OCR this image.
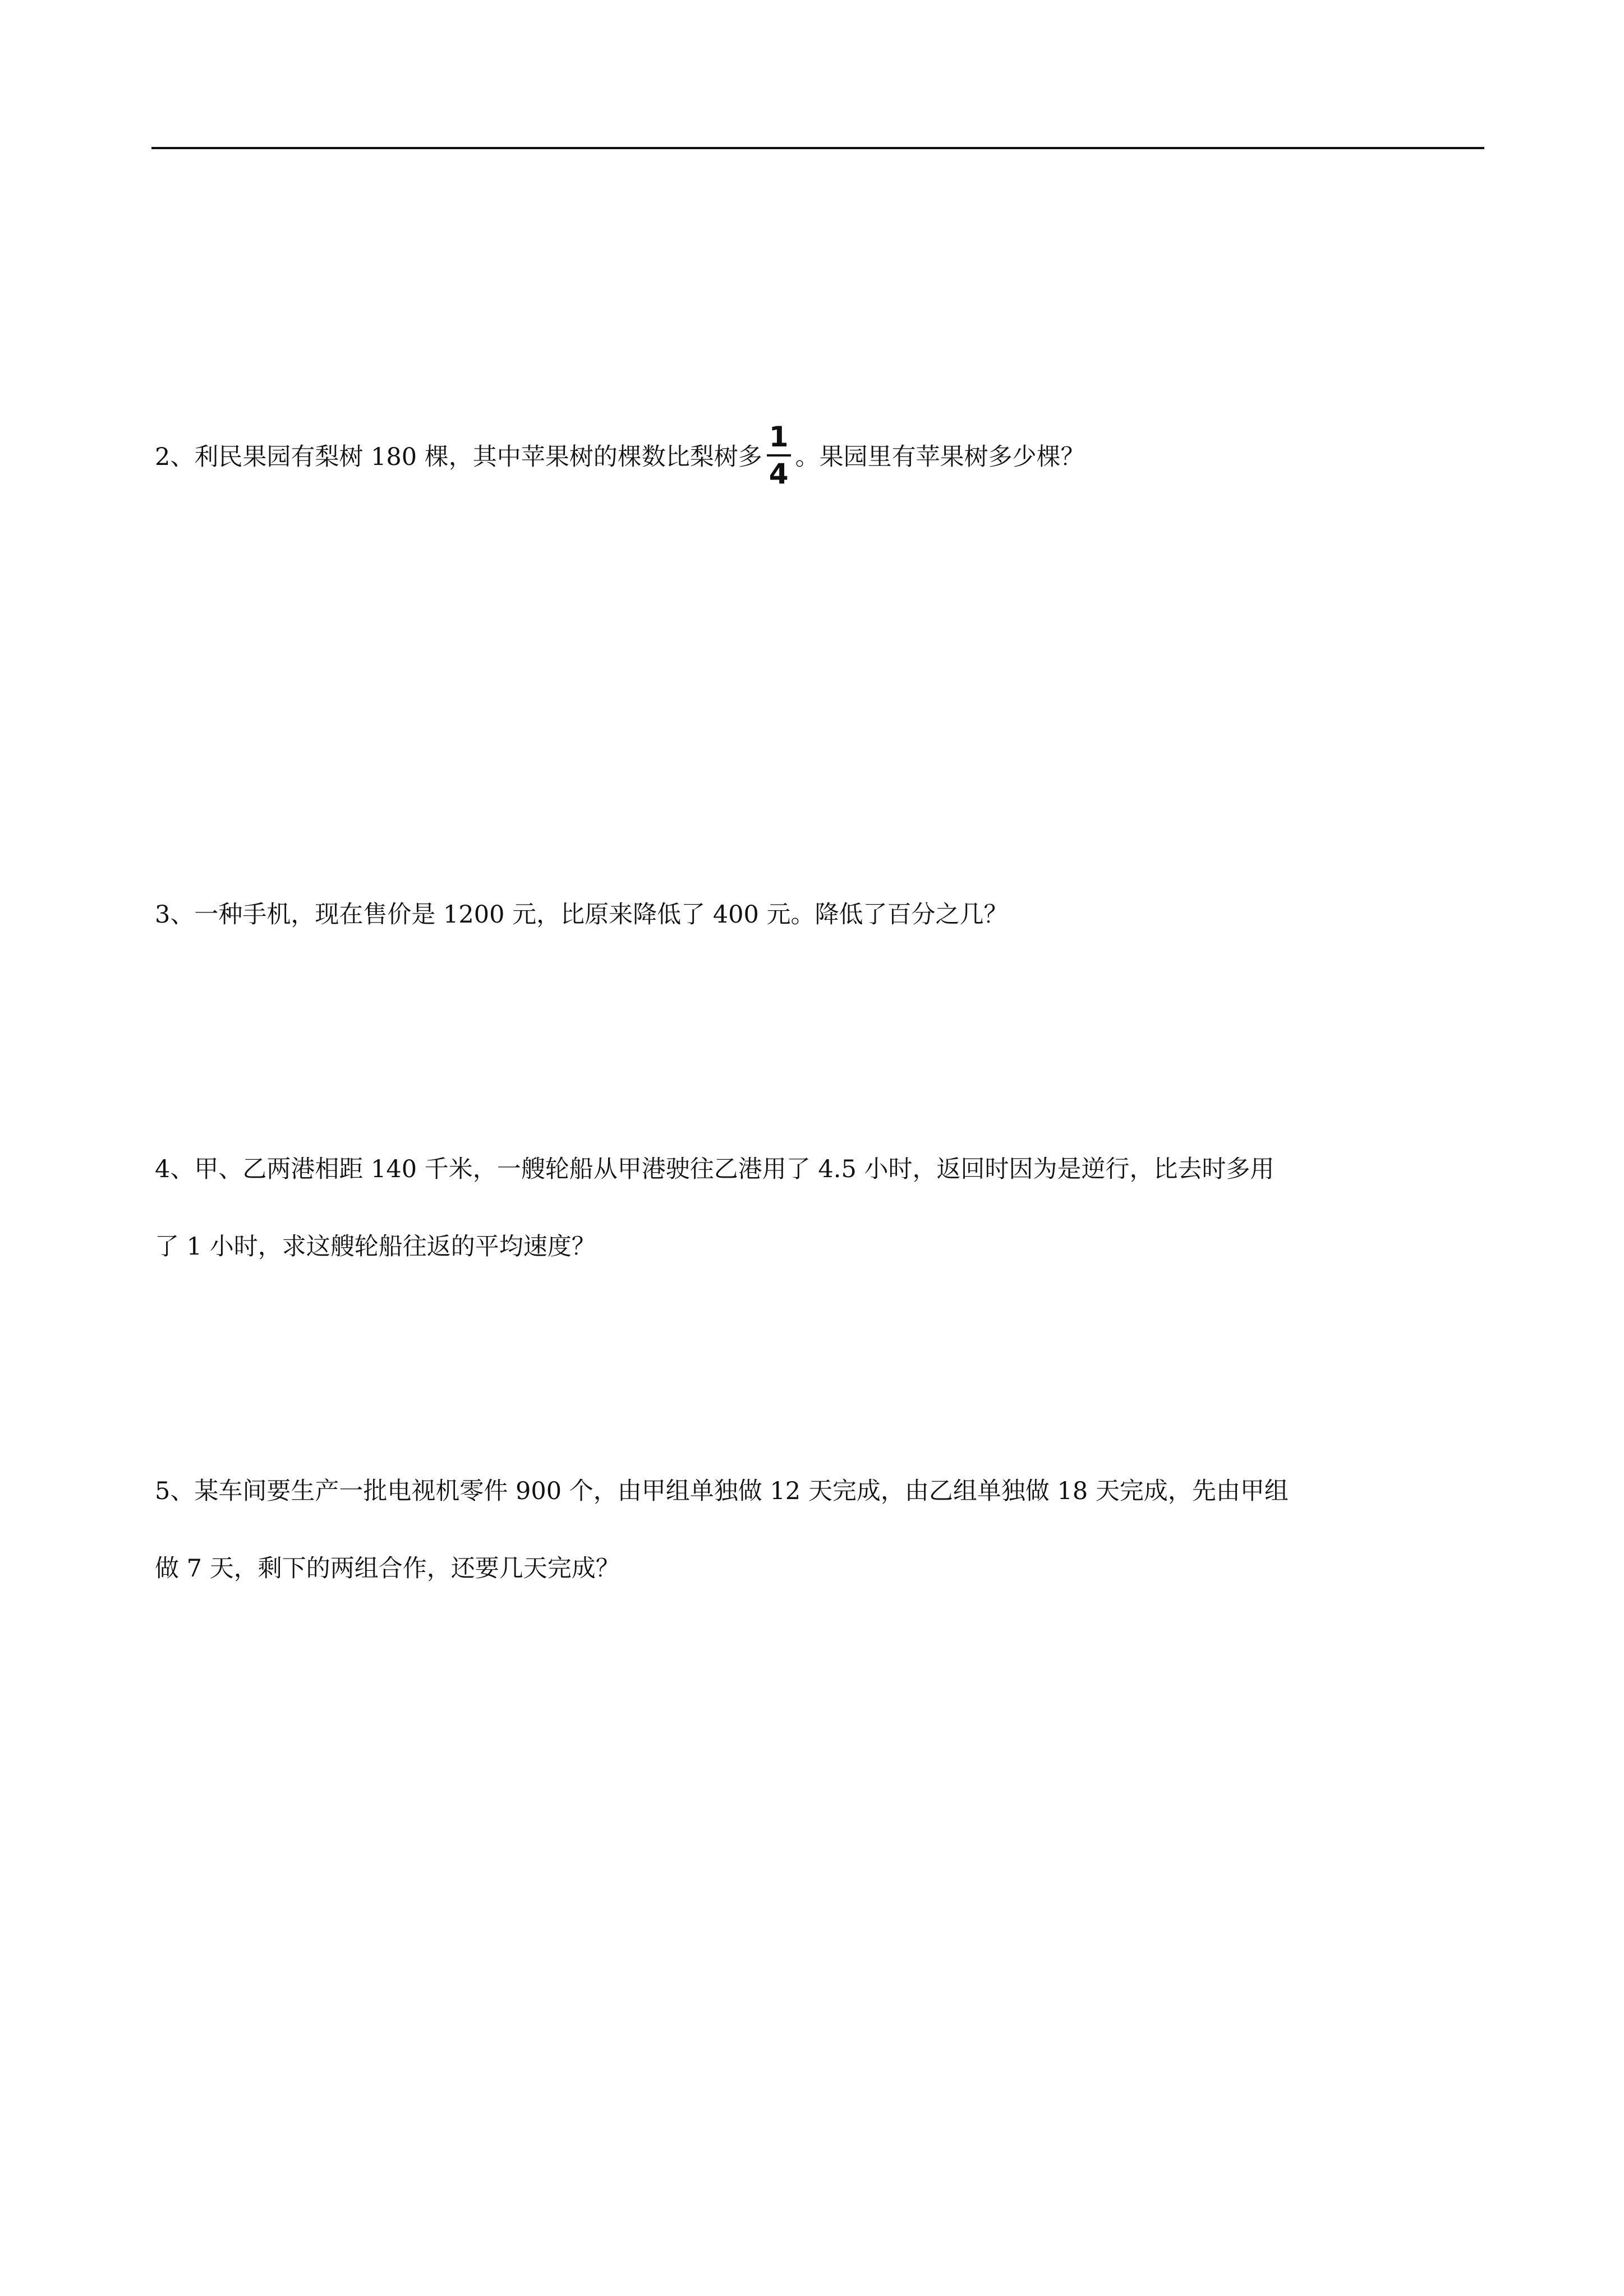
2、利民果园有梨树 180 棵，其中苹果树的棵数比梨树多 $\frac{1}{4}$ 。果园里有苹果树多少棵？
3、一种手机，现在售价是 1200 元，比原来降低了 400 元。降低了百分之几？
4、甲、乙两港相距 140 千米，一艘轮船从甲港驶往乙港用了 4.5 小时，返回时因为是逆行，比去时多用
了 1 小时，求这艘轮船往返的平均速度？
5、某车间要生产一批电视机零件 900 个，由甲组单独做 12 天完成，由乙组单独做 18 天完成，先由甲组
做 7 天，剩下的两组合作，还要几天完成？
